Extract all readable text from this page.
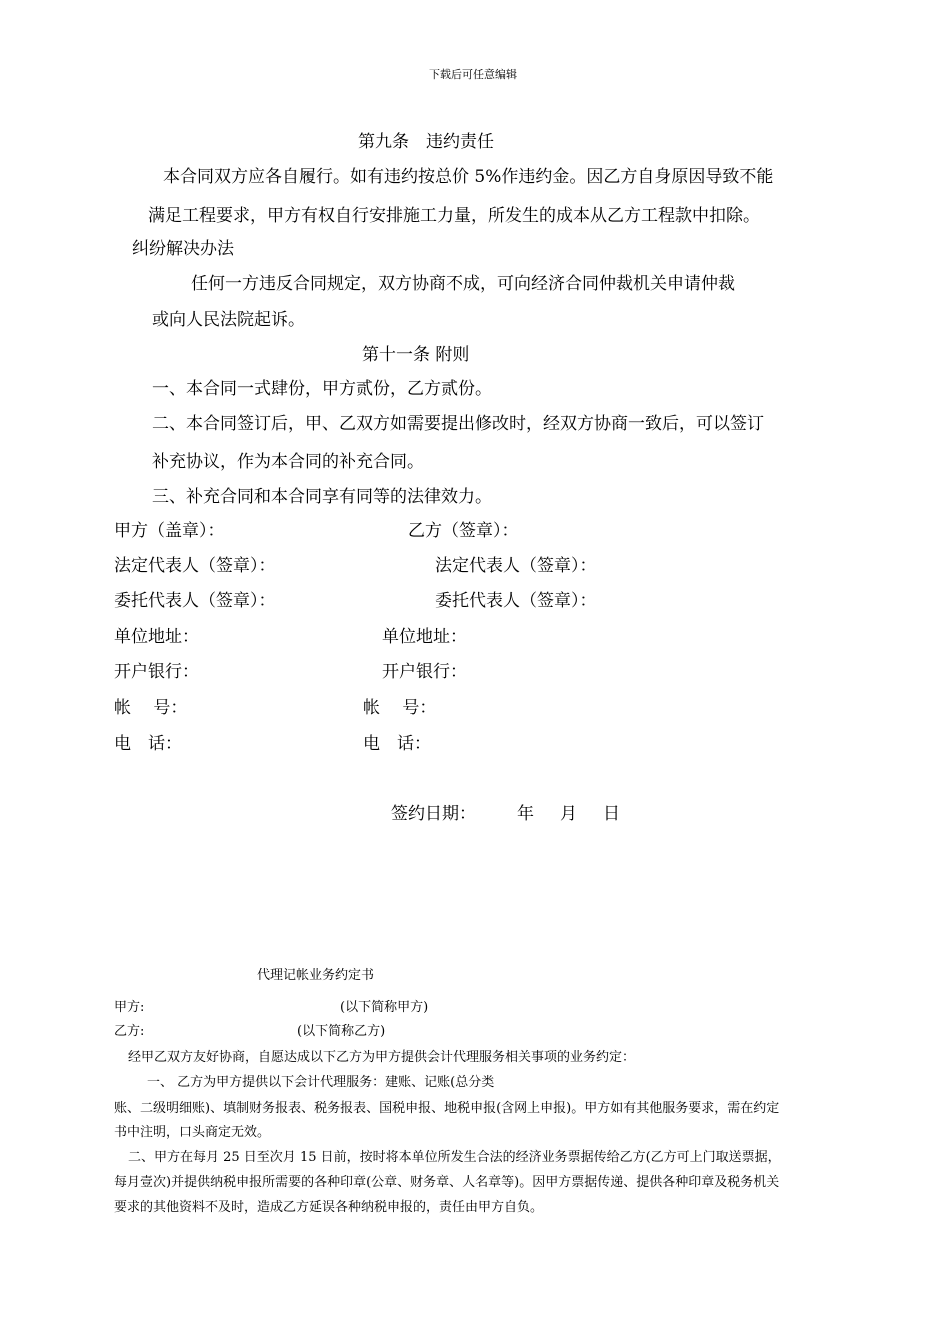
下载后可任意编辑
第九条　违约责任
本合同双方应各自履行。如有违约按总价 5%作违约金。因乙方自身原因导致不能
满足工程要求，甲方有权自行安排施工力量，所发生的成本从乙方工程款中扣除。
纠纷解决办法
任何一方违反合同规定，双方协商不成，可向经济合同仲裁机关申请仲裁
或向人民法院起诉。
第十一条 附则
一、本合同一式肆份，甲方贰份，乙方贰份。
二、本合同签订后，甲、乙双方如需要提出修改时，经双方协商一致后，可以签订
补充协议，作为本合同的补充合同。
三、补充合同和本合同享有同等的法律效力。
甲方（盖章）：	乙方（签章）：
法定代表人（签章）：	法定代表人（签章）：
委托代表人（签章）：	委托代表人（签章）：
单位地址：	单位地址：
开户银行：	开户银行：
帐　 号：	帐　 号：
电　话：	电　话：
签约日期： 年 月 日
代理记帐业务约定书
甲方:	(以下简称甲方)
乙方:	(以下简称乙方)
经甲乙双方友好协商，自愿达成以下乙方为甲方提供会计代理服务相关事项的业务约定：
一、 乙方为甲方提供以下会计代理服务：建账、记账(总分类
账、二级明细账)、填制财务报表、税务报表、国税申报、地税申报(含网上申报)。甲方如有其他服务要求，需在约定
书中注明，口头商定无效。
二、甲方在每月 25 日至次月 15 日前，按时将本单位所发生合法的经济业务票据传给乙方(乙方可上门取送票据，
每月壹次)并提供纳税申报所需要的各种印章(公章、财务章、人名章等)。因甲方票据传递、提供各种印章及税务机关
要求的其他资料不及时，造成乙方延误各种纳税申报的，责任由甲方自负。
